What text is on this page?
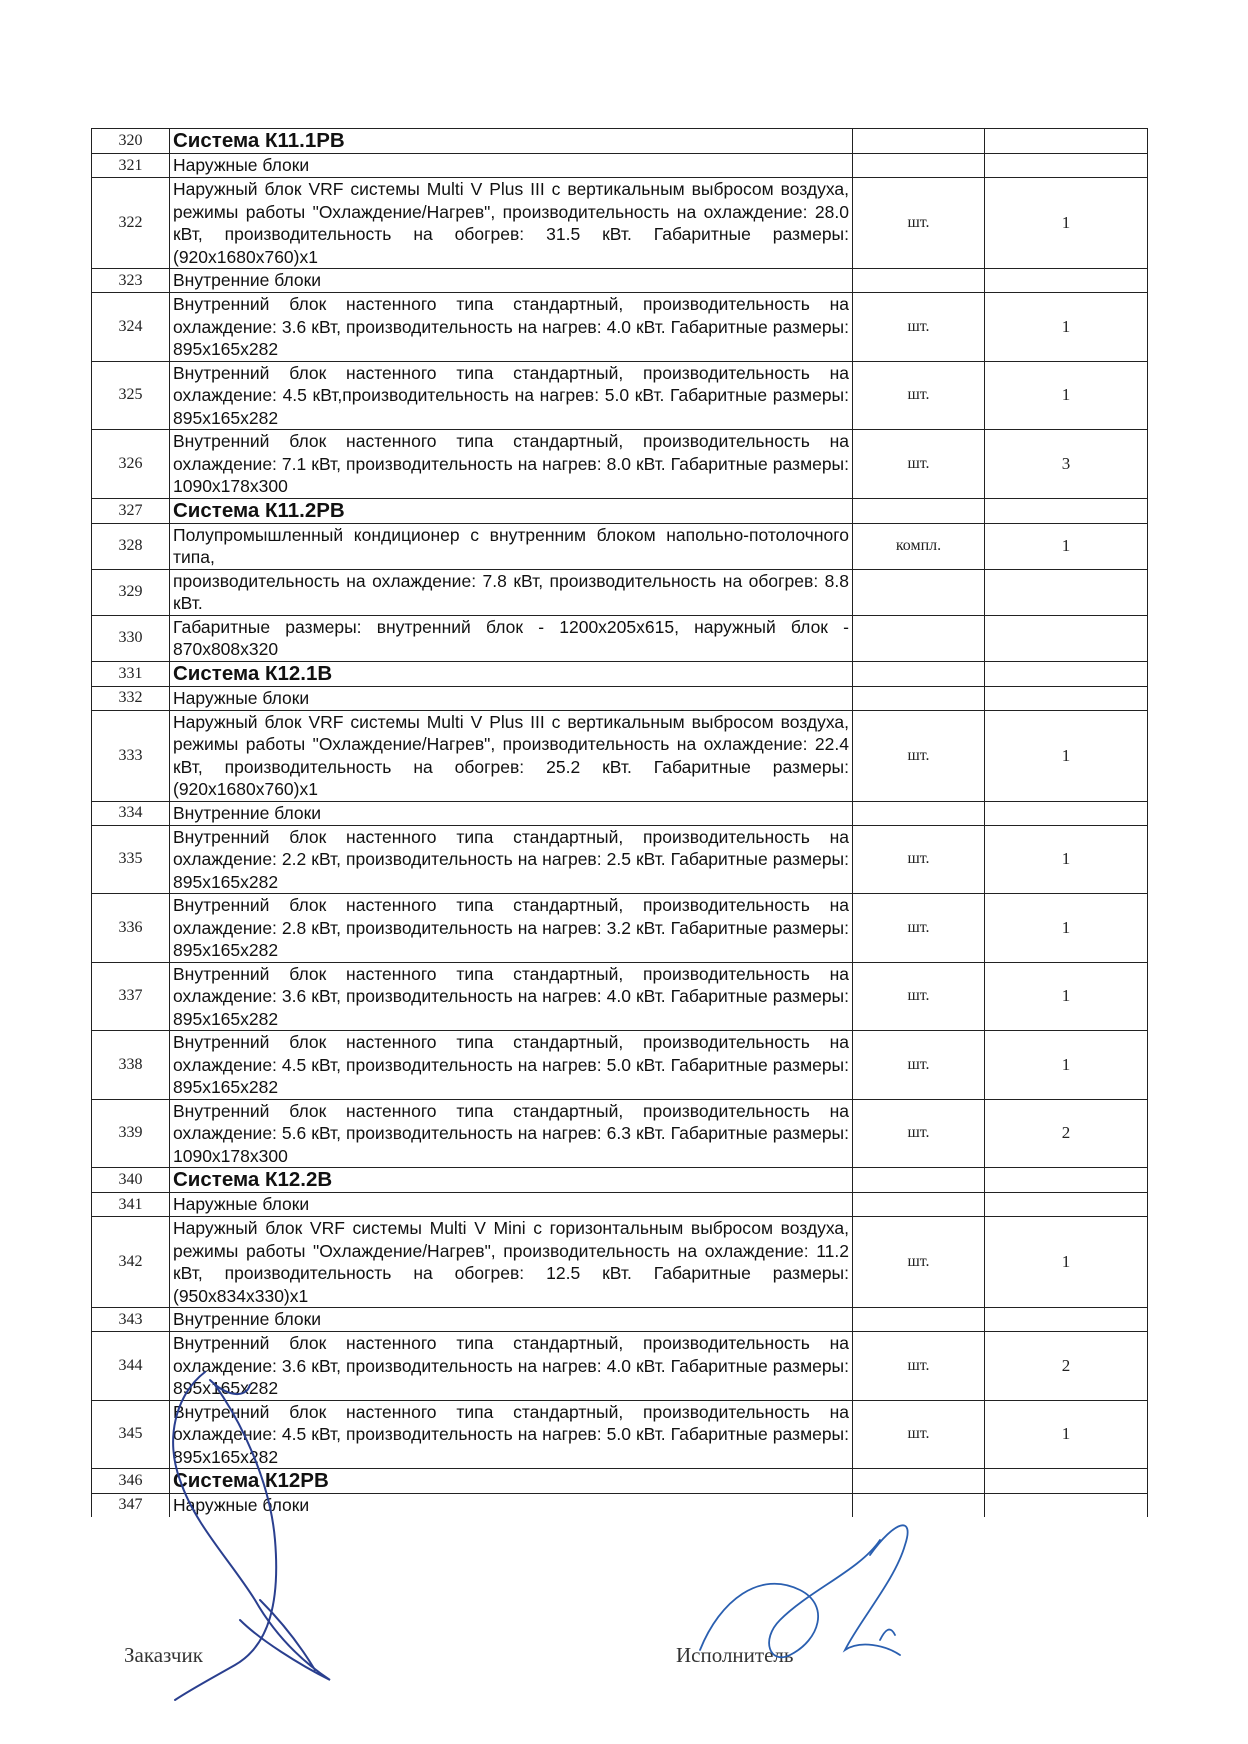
320	Система К11.1РВ		
321	Наружные блоки		
322	Наружный блок VRF системы Multi V Plus III с вертикальным выбросом воздуха, режимы работы "Охлаждение/Нагрев", производительность на охлаждение: 28.0 кВт, производительность на обогрев: 31.5 кВт. Габаритные размеры: (920x1680x760)x1	шт.	1
323	Внутренние блоки		
324	Внутренний блок настенного типа стандартный, производительность на охлаждение: 3.6 кВт, производительность на нагрев: 4.0 кВт. Габаритные размеры: 895x165x282	шт.	1
325	Внутренний блок настенного типа стандартный, производительность на охлаждение: 4.5 кВт,производительность на нагрев: 5.0 кВт. Габаритные размеры: 895x165x282	шт.	1
326	Внутренний блок настенного типа стандартный, производительность на охлаждение: 7.1 кВт, производительность на нагрев: 8.0 кВт. Габаритные размеры: 1090x178x300	шт.	3
327	Система К11.2РВ		
328	Полупромышленный кондиционер с внутренним блоком напольно-потолочного типа,	компл.	1
329	производительность на охлаждение: 7.8 кВт, производительность на обогрев: 8.8 кВт.		
330	Габаритные размеры: внутренний блок - 1200x205x615, наружный блок - 870x808x320		
331	Система К12.1В		
332	Наружные блоки		
333	Наружный блок VRF системы Multi V Plus III с вертикальным выбросом воздуха, режимы работы "Охлаждение/Нагрев", производительность на охлаждение: 22.4 кВт, производительность на обогрев: 25.2 кВт. Габаритные размеры: (920x1680x760)x1	шт.	1
334	Внутренние блоки		
335	Внутренний блок настенного типа стандартный, производительность на охлаждение: 2.2 кВт, производительность на нагрев: 2.5 кВт. Габаритные размеры: 895x165x282	шт.	1
336	Внутренний блок настенного типа стандартный, производительность на охлаждение: 2.8 кВт, производительность на нагрев: 3.2 кВт. Габаритные размеры: 895x165x282	шт.	1
337	Внутренний блок настенного типа стандартный, производительность на охлаждение: 3.6 кВт, производительность на нагрев: 4.0 кВт. Габаритные размеры: 895x165x282	шт.	1
338	Внутренний блок настенного типа стандартный, производительность на охлаждение: 4.5 кВт, производительность на нагрев: 5.0 кВт. Габаритные размеры: 895x165x282	шт.	1
339	Внутренний блок настенного типа стандартный, производительность на охлаждение: 5.6 кВт, производительность на нагрев: 6.3 кВт. Габаритные размеры: 1090x178x300	шт.	2
340	Система К12.2В		
341	Наружные блоки		
342	Наружный блок VRF системы Multi V Mini с горизонтальным выбросом воздуха, режимы работы "Охлаждение/Нагрев", производительность на охлаждение: 11.2 кВт, производительность на обогрев: 12.5 кВт. Габаритные размеры: (950x834x330)x1	шт.	1
343	Внутренние блоки		
344	Внутренний блок настенного типа стандартный, производительность на охлаждение: 3.6 кВт, производительность на нагрев: 4.0 кВт. Габаритные размеры: 895x165x282	шт.	2
345	Внутренний блок настенного типа стандартный, производительность на охлаждение: 4.5 кВт, производительность на нагрев: 5.0 кВт. Габаритные размеры: 895x165x282	шт.	1
346	Система К12РВ		
347	Наружные блоки		
Заказчик	Исполнитель
